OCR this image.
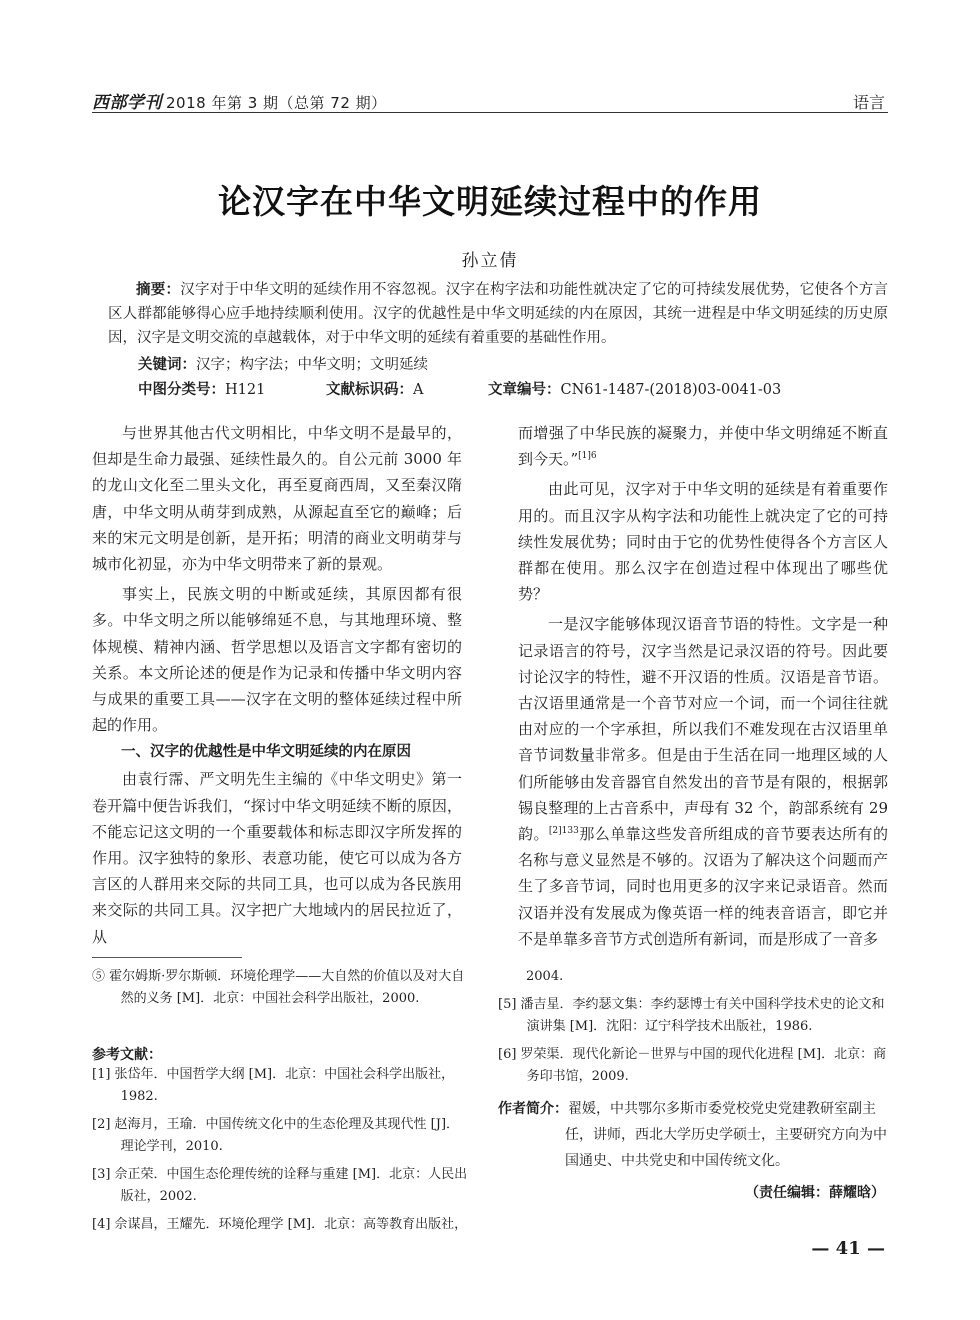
西部学刊 2018 年第 3 期（总第 72 期）	语言
论汉字在中华文明延续过程中的作用
孙立倩
摘要：汉字对于中华文明的延续作用不容忽视。汉字在构字法和功能性就决定了它的可持续发展优势，它使各个方言区人群都能够得心应手地持续顺利使用。汉字的优越性是中华文明延续的内在原因，其统一进程是中华文明延续的历史原因，汉字是文明交流的卓越载体，对于中华文明的延续有着重要的基础性作用。
关键词：汉字；构字法；中华文明；文明延续
中图分类号：H121	文献标识码：A	文章编号：CN61-1487-(2018)03-0041-03

与世界其他古代文明相比，中华文明不是最早的，但却是生命力最强、延续性最久的。自公元前 3000 年的龙山文化至二里头文化，再至夏商西周，又至秦汉隋唐，中华文明从萌芽到成熟，从源起直至它的巅峰；后来的宋元文明是创新，是开拓；明清的商业文明萌芽与城市化初显，亦为中华文明带来了新的景观。

事实上，民族文明的中断或延续，其原因都有很多。中华文明之所以能够绵延不息，与其地理环境、整体规模、精神内涵、哲学思想以及语言文字都有密切的关系。本文所论述的便是作为记录和传播中华文明内容与成果的重要工具——汉字在文明的整体延续过程中所起的作用。

一、汉字的优越性是中华文明延续的内在原因

由袁行霈、严文明先生主编的《中华文明史》第一卷开篇中便告诉我们，“探讨中华文明延续不断的原因，不能忘记这文明的一个重要载体和标志即汉字所发挥的作用。汉字独特的象形、表意功能，使它可以成为各方言区的人群用来交际的共同工具，也可以成为各民族用来交际的共同工具。汉字把广大地域内的居民拉近了，从

而增强了中华民族的凝聚力，并使中华文明绵延不断直到今天。”$^{[1]6}$

由此可见，汉字对于中华文明的延续是有着重要作用的。而且汉字从构字法和功能性上就决定了它的可持续性发展优势；同时由于它的优势性使得各个方言区人群都在使用。那么汉字在创造过程中体现出了哪些优势？

一是汉字能够体现汉语音节语的特性。文字是一种记录语言的符号，汉字当然是记录汉语的符号。因此要讨论汉字的特性，避不开汉语的性质。汉语是音节语。古汉语里通常是一个音节对应一个词，而一个词往往就由对应的一个字承担，所以我们不难发现在古汉语里单音节词数量非常多。但是由于生活在同一地理区域的人们所能够由发音器官自然发出的音节是有限的，根据郭锡良整理的上古音系中，声母有 32 个，韵部系统有 29 韵。$^{[2]133}$那么单靠这些发音所组成的音节要表达所有的名称与意义显然是不够的。汉语为了解决这个问题而产生了多音节词，同时也用更多的汉字来记录语音。然而汉语并没有发展成为像英语一样的纯表音语言，即它并不是单靠多音节方式创造所有新词，而是形成了一音多

⑤ 霍尔姆斯·罗尔斯顿．环境伦理学——大自然的价值以及对大自然的义务 [M]．北京：中国社会科学出版社，2000.
参考文献：
[1] 张岱年．中国哲学大纲 [M]．北京：中国社会科学出版社，1982.
[2] 赵海月，王瑜．中国传统文化中的生态伦理及其现代性 [J]．理论学刊，2010.
[3] 佘正荣．中国生态伦理传统的诠释与重建 [M]．北京：人民出版社，2002.
[4] 佘谋昌，王耀先．环境伦理学 [M]．北京：高等教育出版社，
2004.
[5] 潘吉星．李约瑟文集：李约瑟博士有关中国科学技术史的论文和演讲集 [M]．沈阳：辽宁科学技术出版社，1986.
[6] 罗荣渠．现代化新论－世界与中国的现代化进程 [M]．北京：商务印书馆，2009.
作者简介：翟媛，中共鄂尔多斯市委党校党史党建教研室副主任，讲师，西北大学历史学硕士，主要研究方向为中国通史、中共党史和中国传统文化。
（责任编辑：薛耀晗）
— 41 —
